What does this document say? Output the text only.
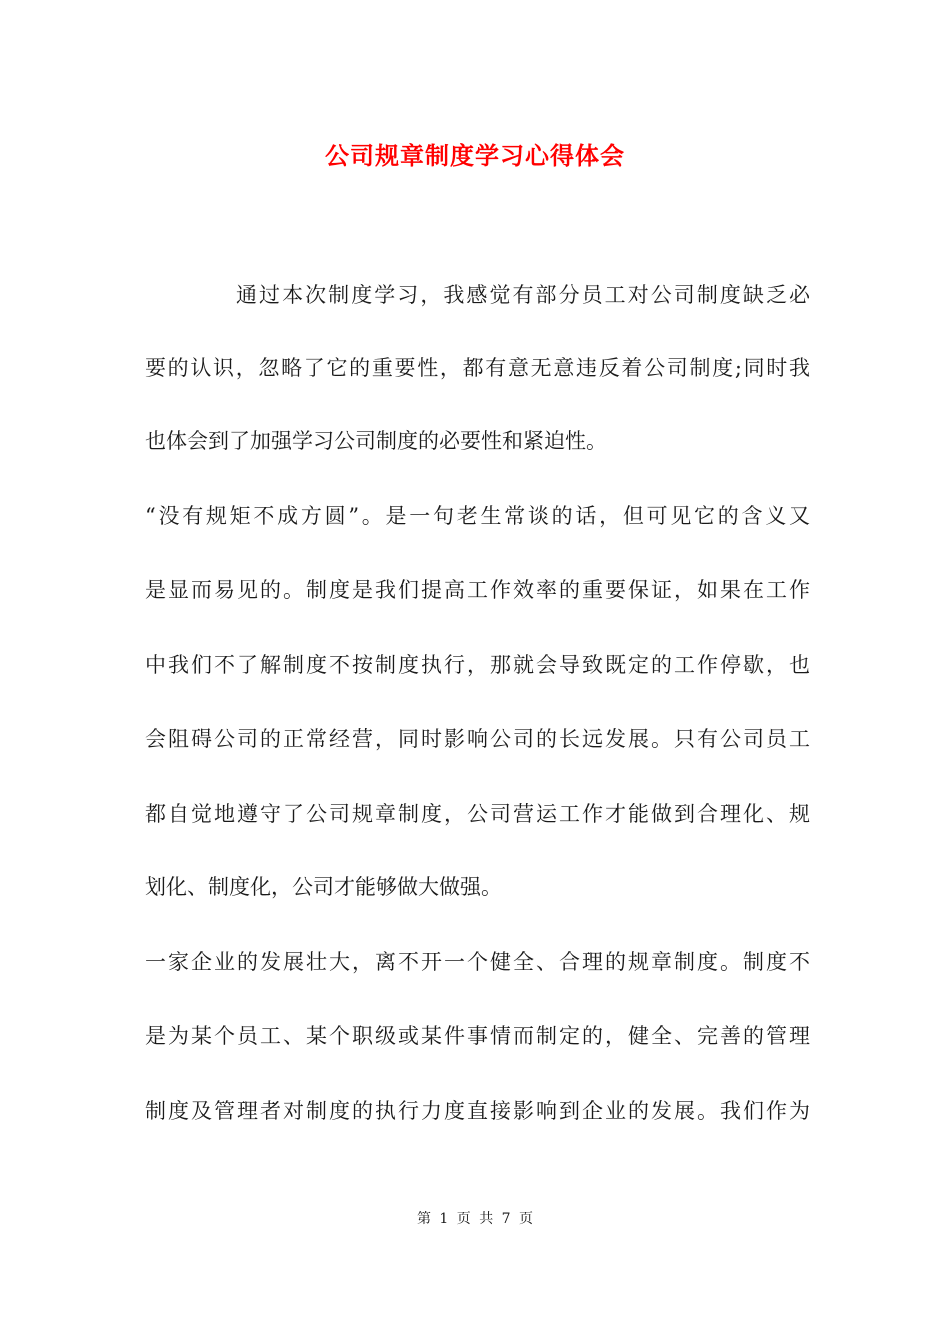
公司规章制度学习心得体会
通过本次制度学习，我感觉有部分员工对公司制度缺乏必
要的认识，忽略了它的重要性，都有意无意违反着公司制度;同时我
也体会到了加强学习公司制度的必要性和紧迫性。
“没有规矩不成方圆”。是一句老生常谈的话，但可见它的含义又
是显而易见的。制度是我们提高工作效率的重要保证，如果在工作
中我们不了解制度不按制度执行，那就会导致既定的工作停歇，也
会阻碍公司的正常经营，同时影响公司的长远发展。只有公司员工
都自觉地遵守了公司规章制度，公司营运工作才能做到合理化、规
划化、制度化，公司才能够做大做强。
一家企业的发展壮大，离不开一个健全、合理的规章制度。制度不
是为某个员工、某个职级或某件事情而制定的，健全、完善的管理
制度及管理者对制度的执行力度直接影响到企业的发展。我们作为
第 1 页 共 7 页
